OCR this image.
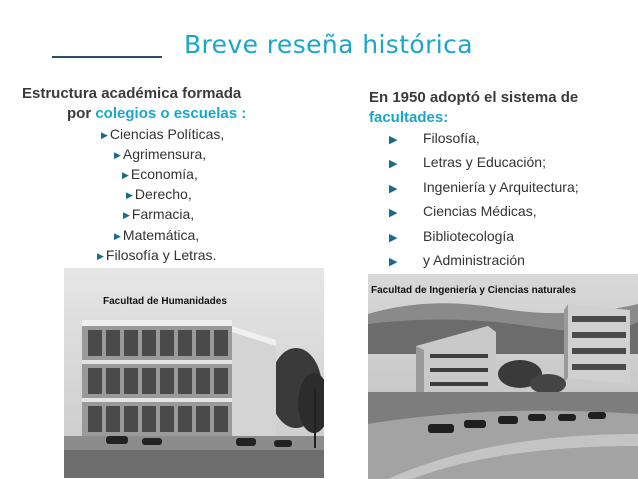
Breve reseña histórica
Estructura académica formada
por colegios o escuelas :
▶ Ciencias Políticas,
▶ Agrimensura,
▶ Economía,
▶ Derecho,
▶ Farmacia,
▶ Matemática,
▶ Filosofía y Letras.
En 1950 adoptó el sistema de
facultades:
▶ Filosofía,
▶ Letras y Educación;
▶ Ingeniería y Arquitectura;
▶ Ciencias Médicas,
▶ Bibliotecología
▶ y Administración
Facultad de Humanidades
Facultad de Ingeniería y Ciencias naturales
